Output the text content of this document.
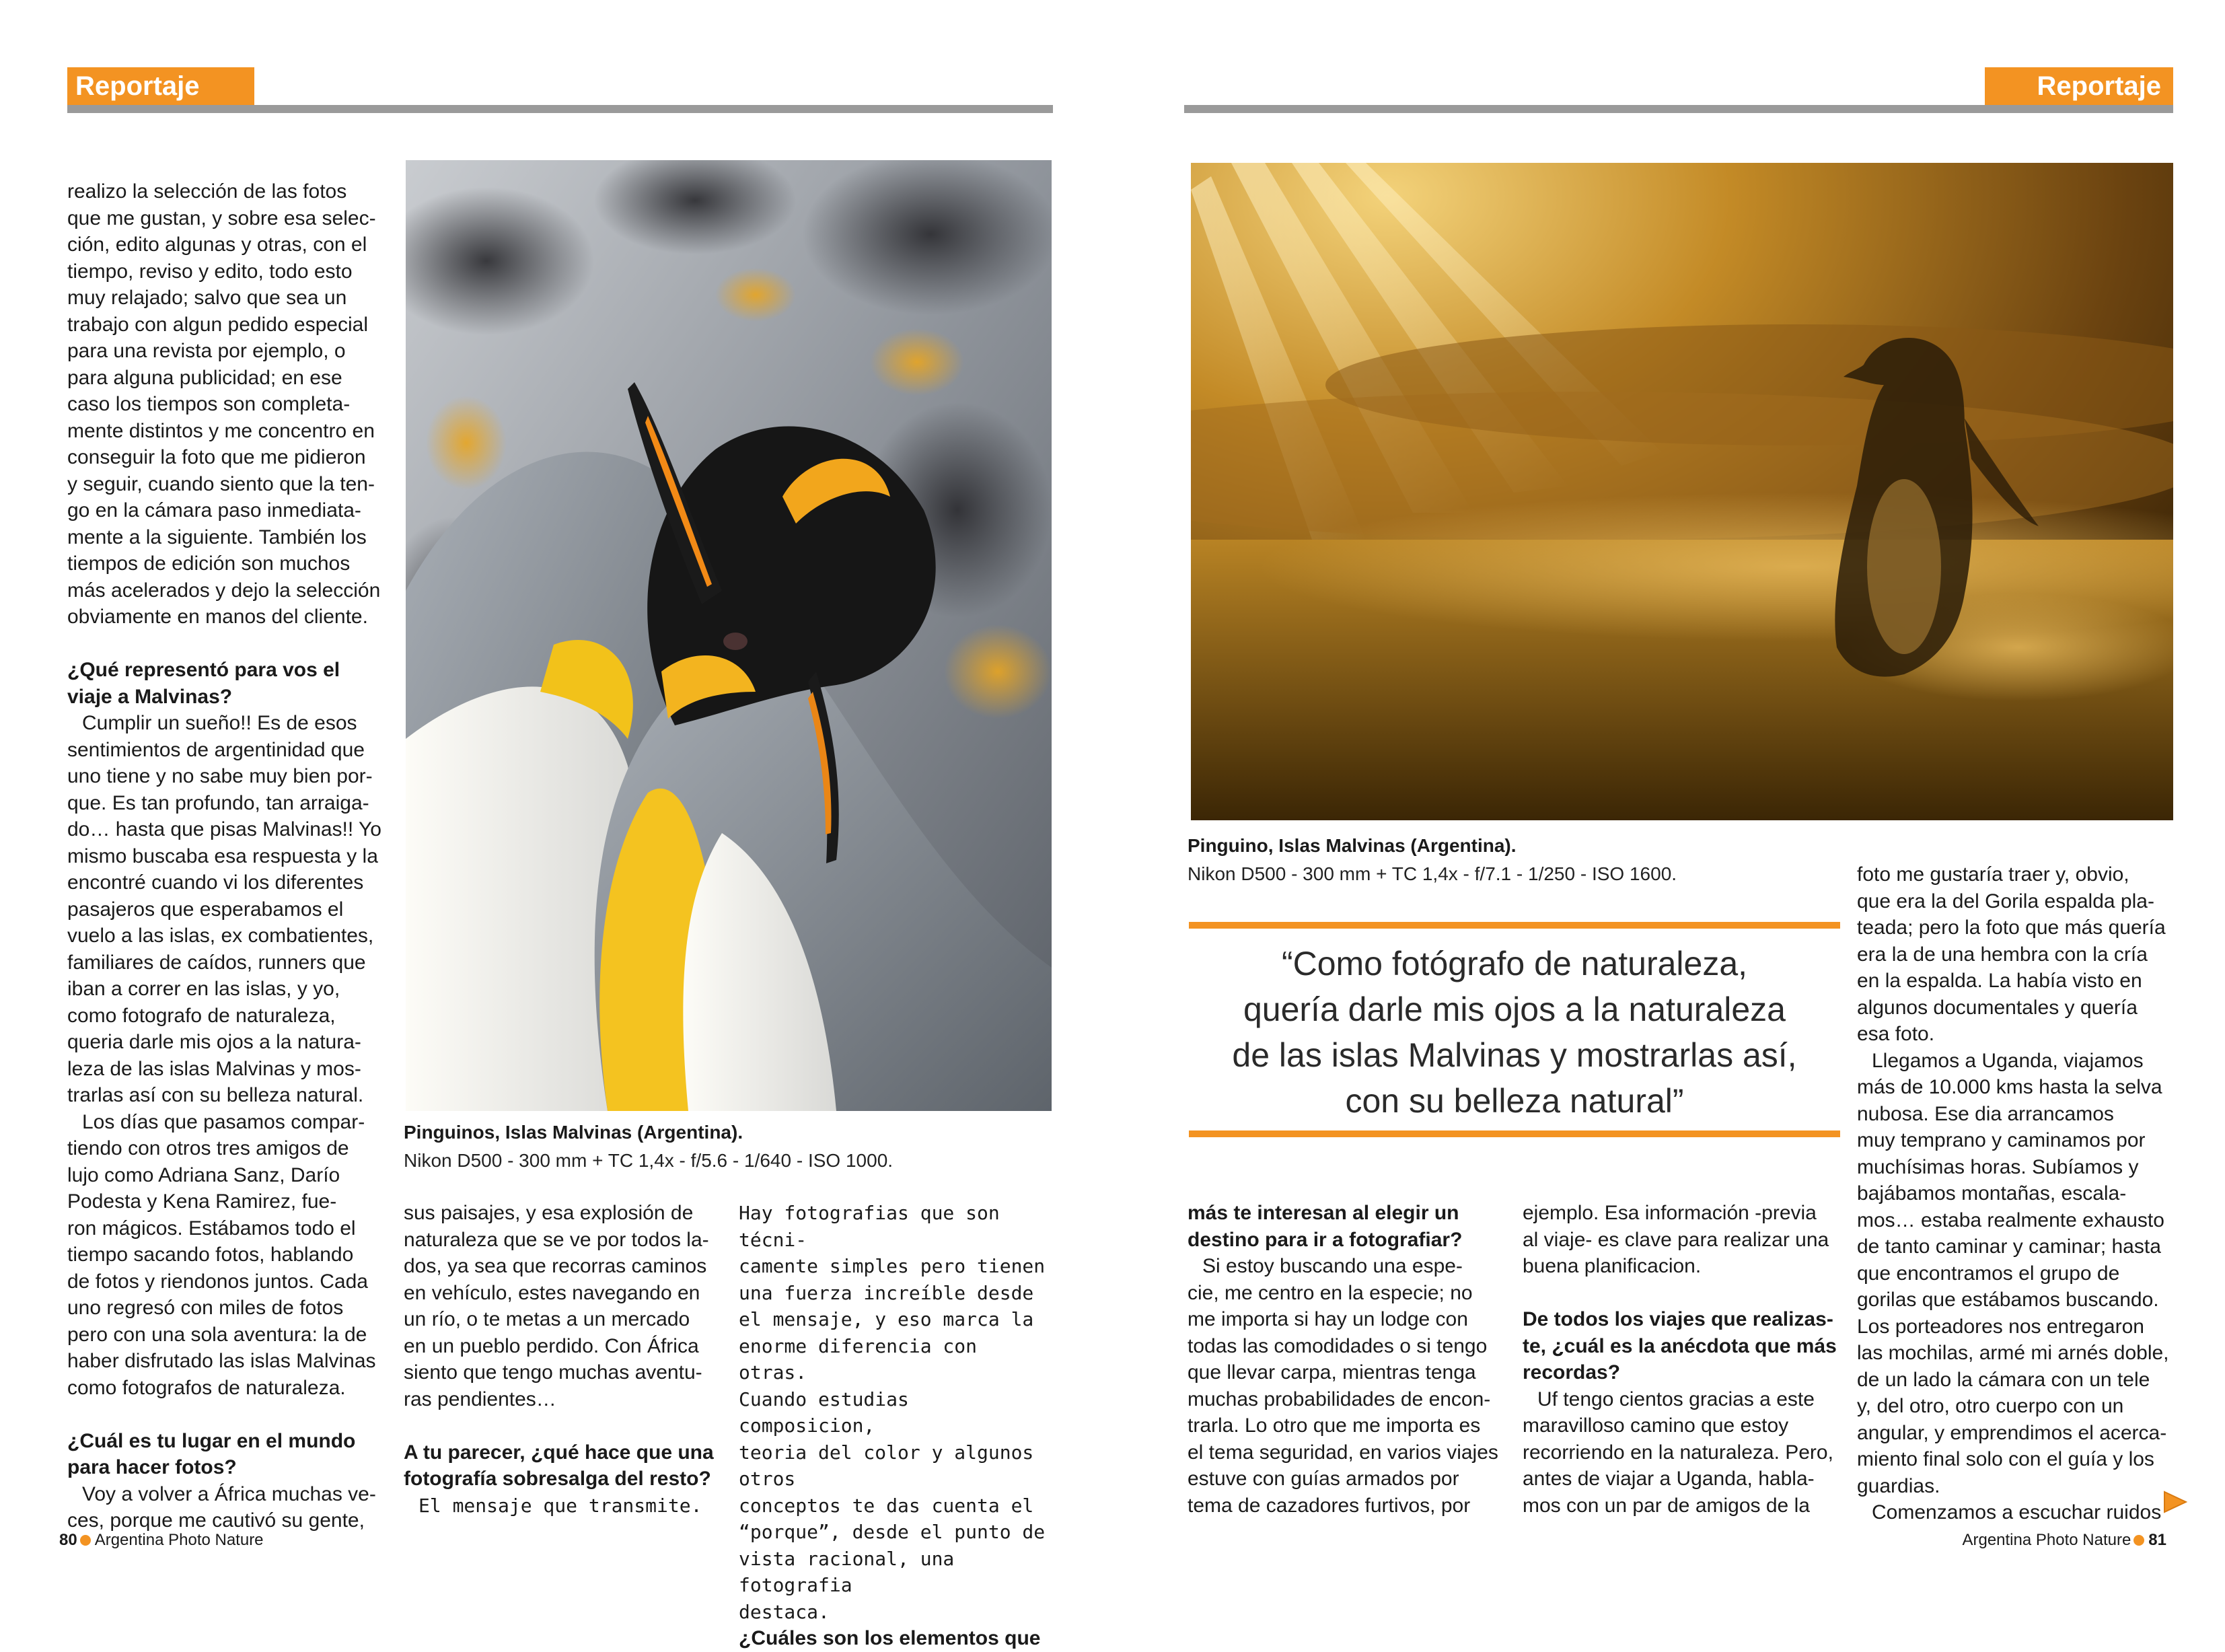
Reportaje	Reportaje

realizo la selección de las fotos

que me gustan, y sobre esa selec-

ción, edito algunas y otras, con el

tiempo, reviso y edito, todo esto

muy relajado; salvo que sea un

trabajo con algun pedido especial

para una revista por ejemplo, o

para alguna publicidad; en ese

caso los tiempos son completa-

mente distintos y me concentro en

conseguir la foto que me pidieron

y seguir, cuando siento que la ten-

go en la cámara paso inmediata-

mente a la siguiente. También los

tiempos de edición son muchos

más acelerados y dejo la selección

obviamente en manos del cliente.

¿Qué representó para vos el

viaje a Malvinas?

Cumplir un sueño!! Es de esos

sentimientos de argentinidad que

uno tiene y no sabe muy bien por-

que. Es tan profundo, tan arraiga-

do… hasta que pisas Malvinas!! Yo

mismo buscaba esa respuesta y la

encontré cuando vi los diferentes

pasajeros que esperabamos el

vuelo a las islas, ex combatientes,

familiares de caídos, runners que

iban a correr en las islas, y yo,

como fotografo de naturaleza,

queria darle mis ojos a la natura-

leza de las islas Malvinas y mos-

trarlas así con su belleza natural.

Los días que pasamos compar-

tiendo con otros tres amigos de

lujo como Adriana Sanz, Darío

Podesta y Kena Ramirez, fue-

ron mágicos. Estábamos todo el

tiempo sacando fotos, hablando

de fotos y riendonos juntos. Cada

uno regresó con miles de fotos

pero con una sola aventura: la de

haber disfrutado las islas Malvinas

como fotografos de naturaleza.

¿Cuál es tu lugar en el mundo

para hacer fotos?

Voy a volver a África muchas ve-

ces, porque me cautivó su gente,

Pinguinos, Islas Malvinas (Argentina).
Nikon D500 - 300 mm + TC 1,4x - f/5.6 - 1/640 - ISO 1000.

sus paisajes, y esa explosión de

naturaleza que se ve por todos la-

dos, ya sea que recorras caminos

en vehículo, estes navegando en

un río, o te metas a un mercado

en un pueblo perdido. Con África

siento que tengo muchas aventu-

ras pendientes…

A tu parecer, ¿qué hace que una

fotografía sobresalga del resto?

El mensaje que transmite.

Hay fotografias que son técni-

camente simples pero tienen

una fuerza increíble desde

el mensaje, y eso marca la

enorme diferencia con otras.

Cuando estudias composicion,

teoria del color y algunos otros

conceptos te das cuenta el

“porque”, desde el punto de

vista racional, una fotografia

destaca.

¿Cuáles son los elementos que

Pinguino, Islas Malvinas (Argentina).
Nikon D500 - 300 mm + TC 1,4x - f/7.1 - 1/250 - ISO 1600.
“Como fotógrafo de naturaleza,
quería darle mis ojos a la naturaleza
de las islas Malvinas y mostrarlas así,
con su belleza natural”

más te interesan al elegir un

destino para ir a fotografiar?

Si estoy buscando una espe-

cie, me centro en la especie; no

me importa si hay un lodge con

todas las comodidades o si tengo

que llevar carpa, mientras tenga

muchas probabilidades de encon-

trarla. Lo otro que me importa es

el tema seguridad, en varios viajes

estuve con guías armados por

tema de cazadores furtivos, por

ejemplo. Esa información -previa

al viaje- es clave para realizar una

buena planificacion.

De todos los viajes que realizas-

te, ¿cuál es la anécdota que más

recordas?

Uf tengo cientos gracias a este

maravilloso camino que estoy

recorriendo en la naturaleza. Pero,

antes de viajar a Uganda, habla-

mos con un par de amigos de la

foto me gustaría traer y, obvio,

que era la del Gorila espalda pla-

teada; pero la foto que más quería

era la de una hembra con la cría

en la espalda. La había visto en

algunos documentales y quería

esa foto.

Llegamos a Uganda, viajamos

más de 10.000 kms hasta la selva

nubosa. Ese dia arrancamos

muy temprano y caminamos por

muchísimas horas. Subíamos y

bajábamos montañas, escala-

mos… estaba realmente exhausto

de tanto caminar y caminar; hasta

que encontramos el grupo de

gorilas que estábamos buscando.

Los porteadores nos entregaron

las mochilas, armé mi arnés doble,

de un lado la cámara con un tele

y, del otro, otro cuerpo con un

angular, y emprendimos el acerca-

miento final solo con el guía y los

guardias.

Comenzamos a escuchar ruidos

80 Argentina Photo Nature	Argentina Photo Nature 81
